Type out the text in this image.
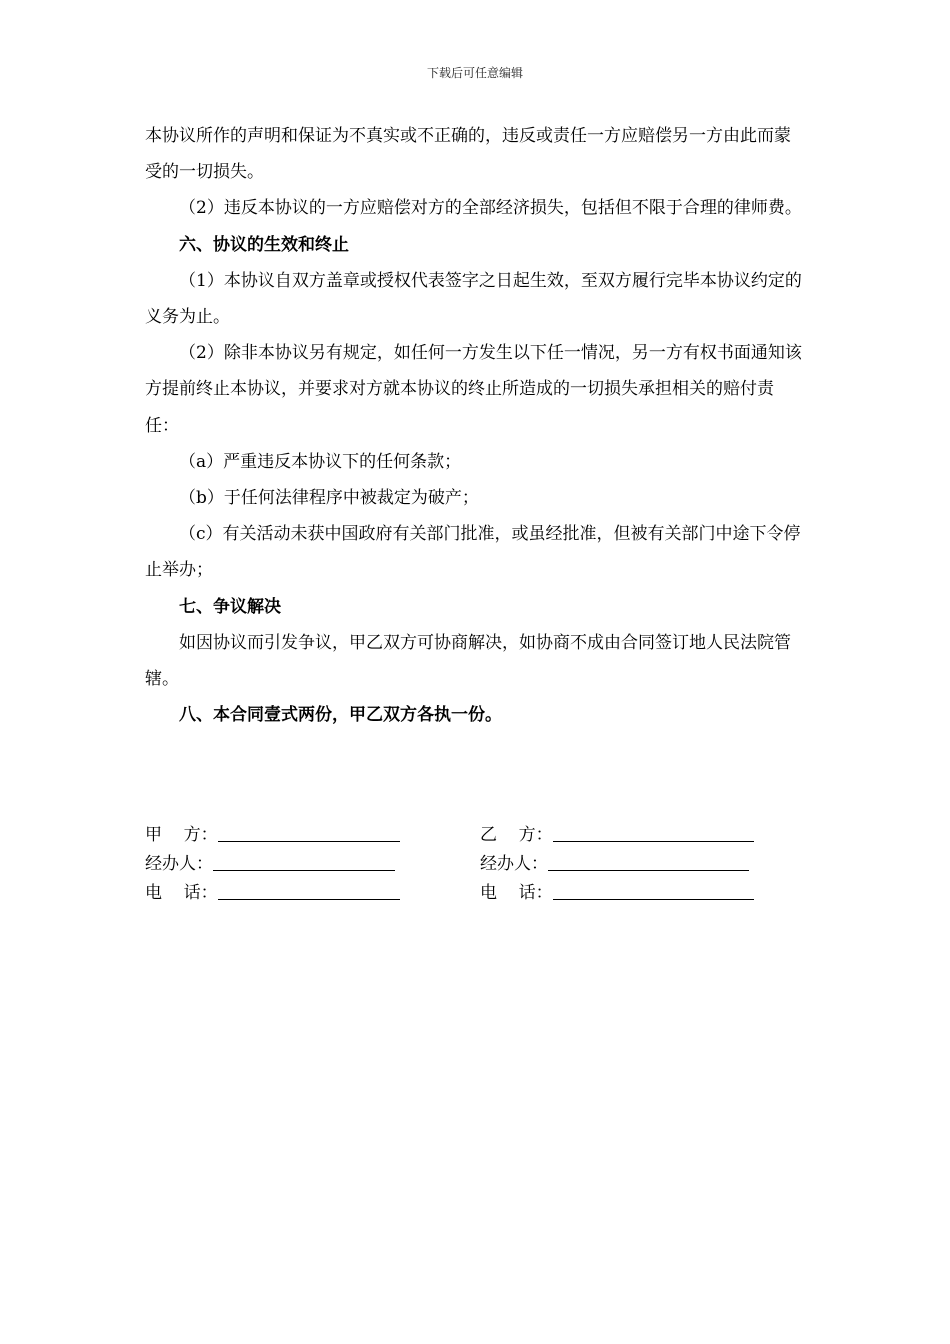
下载后可任意编辑

本协议所作的声明和保证为不真实或不正确的，违反或责任一方应赔偿另一方由此而蒙受的一切损失。

（2）违反本协议的一方应赔偿对方的全部经济损失，包括但不限于合理的律师费。

六、协议的生效和终止

（1）本协议自双方盖章或授权代表签字之日起生效，至双方履行完毕本协议约定的义务为止。

（2）除非本协议另有规定，如任何一方发生以下任一情况，另一方有权书面通知该方提前终止本协议，并要求对方就本协议的终止所造成的一切损失承担相关的赔付责任：

（a）严重违反本协议下的任何条款；

（b）于任何法律程序中被裁定为破产；

（c）有关活动未获中国政府有关部门批准，或虽经批准，但被有关部门中途下令停止举办；

七、争议解决

如因协议而引发争议，甲乙双方可协商解决，如协商不成由合同签订地人民法院管辖。

八、本合同壹式两份，甲乙双方各执一份。

甲    方：	乙    方：
经办人：	经办人：
电    话：	电    话：
